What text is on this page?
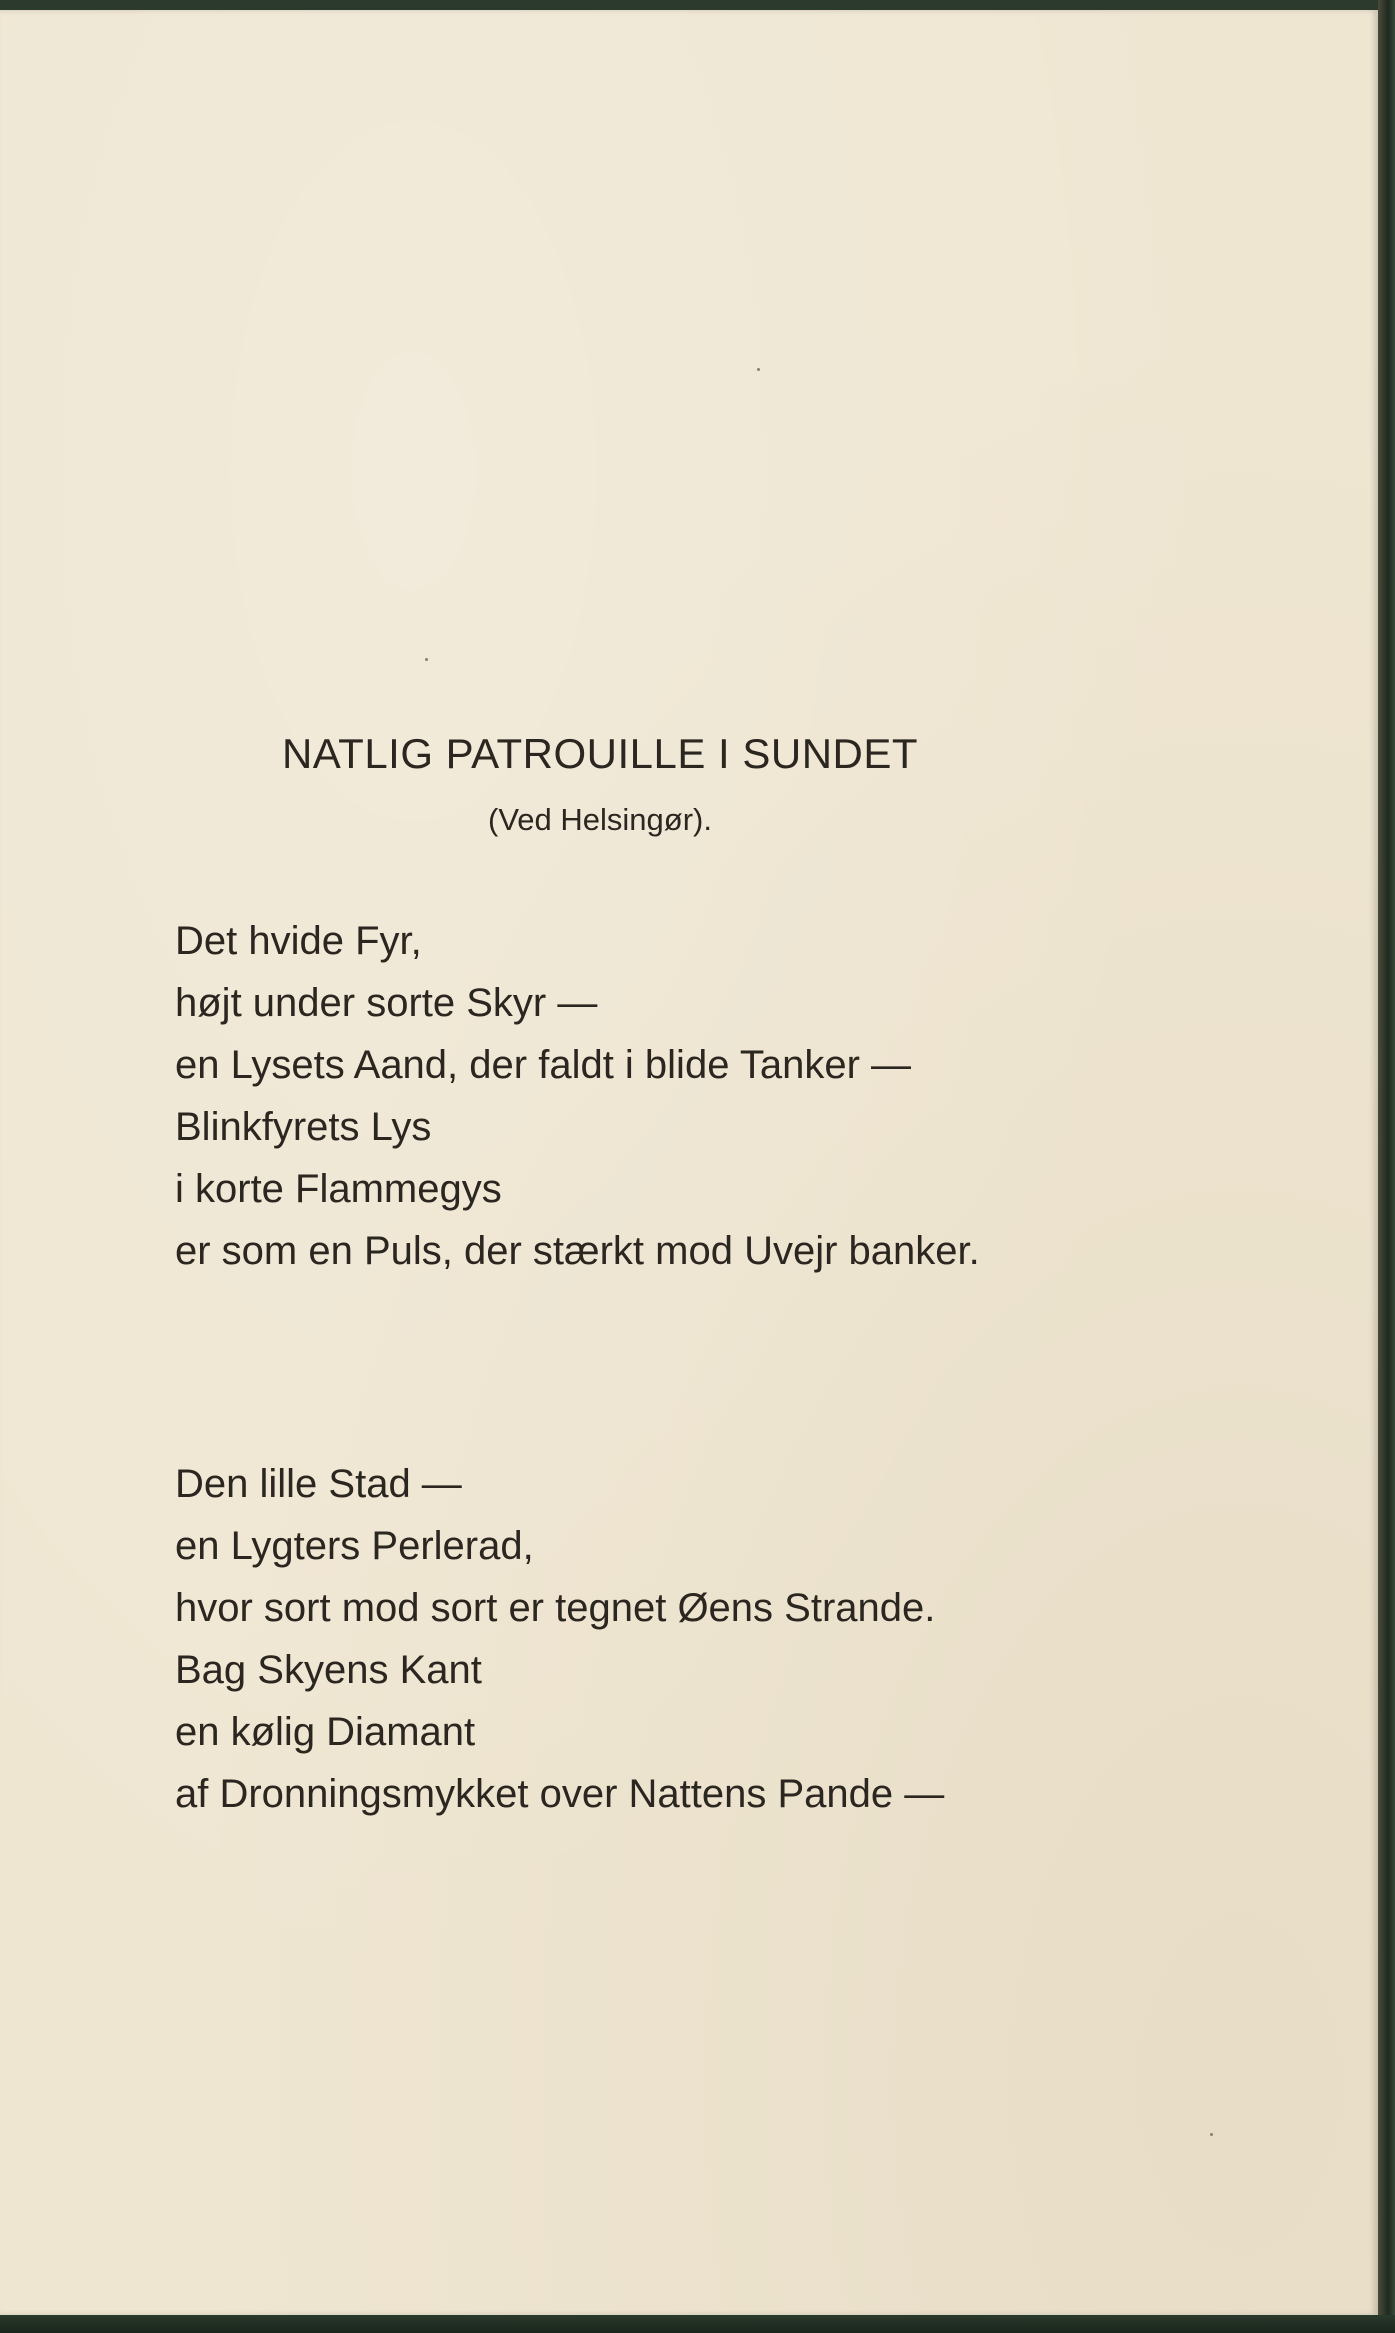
NATLIG PATROUILLE I SUNDET
(Ved Helsingør).
Det hvide Fyr,
højt under sorte Skyr —
en Lysets Aand, der faldt i blide Tanker —
Blinkfyrets Lys
i korte Flammegys
er som en Puls, der stærkt mod Uvejr banker.
Den lille Stad —
en Lygters Perlerad,
hvor sort mod sort er tegnet Øens Strande.
Bag Skyens Kant
en kølig Diamant
af Dronningsmykket over Nattens Pande —
